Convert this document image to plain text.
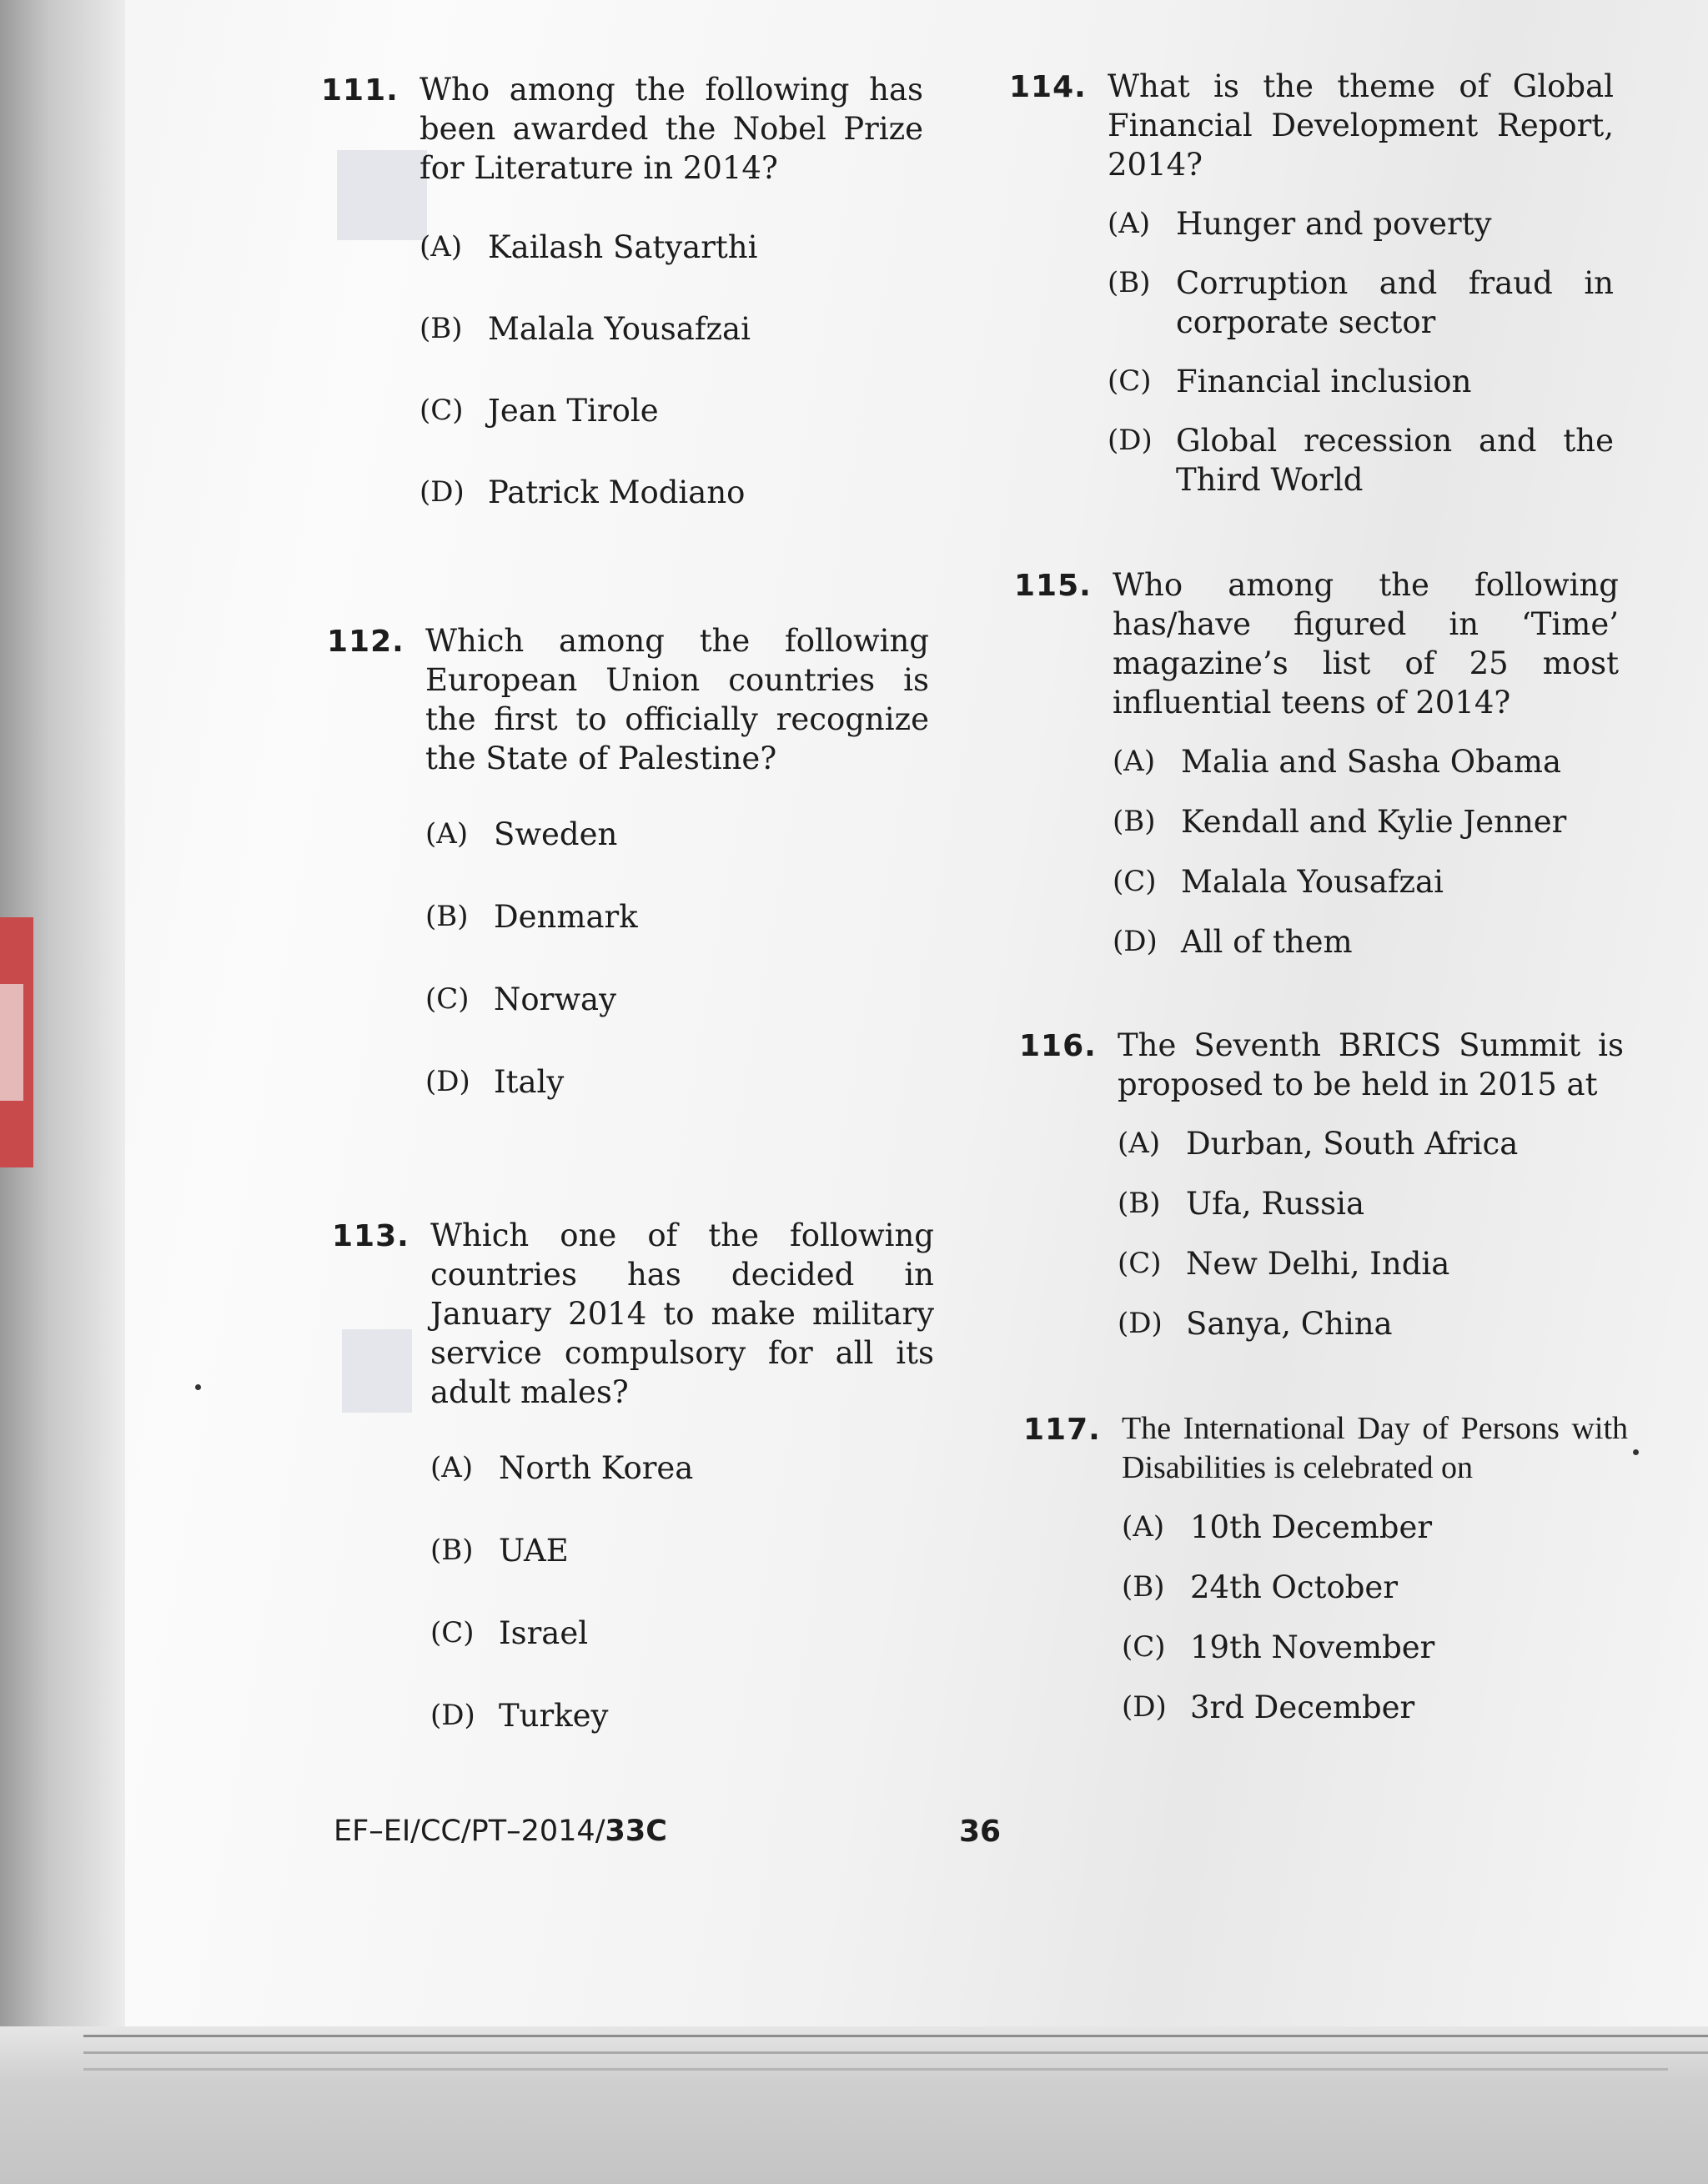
111. Who among the following has been awarded the Nobel Prize for Literature in 2014?
(A) Kailash Satyarthi
(B) Malala Yousafzai
(C) Jean Tirole
(D) Patrick Modiano
112. Which among the following European Union countries is the first to officially recognize the State of Palestine?
(A) Sweden
(B) Denmark
(C) Norway
(D) Italy
113. Which one of the following countries has decided in January 2014 to make military service compulsory for all its adult males?
(A) North Korea
(B) UAE
(C) Israel
(D) Turkey
114. What is the theme of Global Financial Development Report, 2014?
(A) Hunger and poverty
(B) Corruption and fraud in corporate sector
(C) Financial inclusion
(D) Global recession and the Third World
115. Who among the following has/have figured in ‘Time’ magazine’s list of 25 most influential teens of 2014?
(A) Malia and Sasha Obama
(B) Kendall and Kylie Jenner
(C) Malala Yousafzai
(D) All of them
116. The Seventh BRICS Summit is proposed to be held in 2015 at
(A) Durban, South Africa
(B) Ufa, Russia
(C) New Delhi, India
(D) Sanya, China
117. The International Day of Persons with Disabilities is celebrated on
(A) 10th December
(B) 24th October
(C) 19th November
(D) 3rd December
EF–EI/CC/PT–2014/33C	36
